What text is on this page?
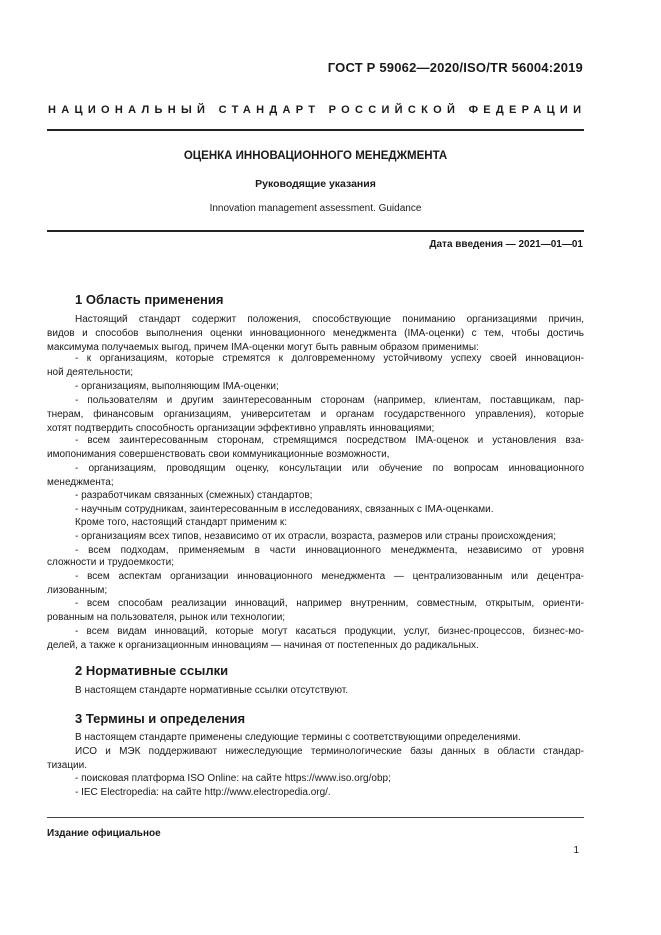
ГОСТ Р 59062—2020/ISO/TR 56004:2019
НАЦИОНАЛЬНЫЙ СТАНДАРТ РОССИЙСКОЙ ФЕДЕРАЦИИ
ОЦЕНКА ИННОВАЦИОННОГО МЕНЕДЖМЕНТА
Руководящие указания
Innovation management assessment. Guidance
Дата введения — 2021—01—01
1 Область применения
Настоящий стандарт содержит положения, способствующие пониманию организациями причин,
видов и способов выполнения оценки инновационного менеджмента (IMA-оценки) с тем, чтобы достичь
максимума получаемых выгод, причем IMA-оценки могут быть равным образом применимы:
- к организациям, которые стремятся к долговременному устойчивому успеху своей инновацион-
ной деятельности;
- организациям, выполняющим IMA-оценки;
- пользователям и другим заинтересованным сторонам (например, клиентам, поставщикам, пар-
тнерам, финансовым организациям, университетам и органам государственного управления), которые
хотят подтвердить способность организации эффективно управлять инновациями;
- всем заинтересованным сторонам, стремящимся посредством IMA-оценок и установления вза-
имопонимания совершенствовать свои коммуникационные возможности,
- организациям, проводящим оценку, консультации или обучение по вопросам инновационного
менеджмента;
- разработчикам связанных (смежных) стандартов;
- научным сотрудникам, заинтересованным в исследованиях, связанных с IMA-оценками.
Кроме того, настоящий стандарт применим к:
- организациям всех типов, независимо от их отрасли, возраста, размеров или страны происхождения;
- всем подходам, применяемым в части инновационного менеджмента, независимо от уровня
сложности и трудоемкости;
- всем аспектам организации инновационного менеджмента — централизованным или децентра-
лизованным;
- всем способам реализации инноваций, например внутренним, совместным, открытым, ориенти-
рованным на пользователя, рынок или технологии;
- всем видам инноваций, которые могут касаться продукции, услуг, бизнес-процессов, бизнес-мо-
делей, а также к организационным инновациям — начиная от постепенных до радикальных.
2 Нормативные ссылки
В настоящем стандарте нормативные ссылки отсутствуют.
3 Термины и определения
В настоящем стандарте применены следующие термины с соответствующими определениями.
ИСО и МЭК поддерживают нижеследующие терминологические базы данных в области стандар-
тизации.
- поисковая платформа ISO Online: на сайте https://www.iso.org/obp;
- IEC Electropedia: на сайте http://www.electropedia.org/.
Издание официальное
1
